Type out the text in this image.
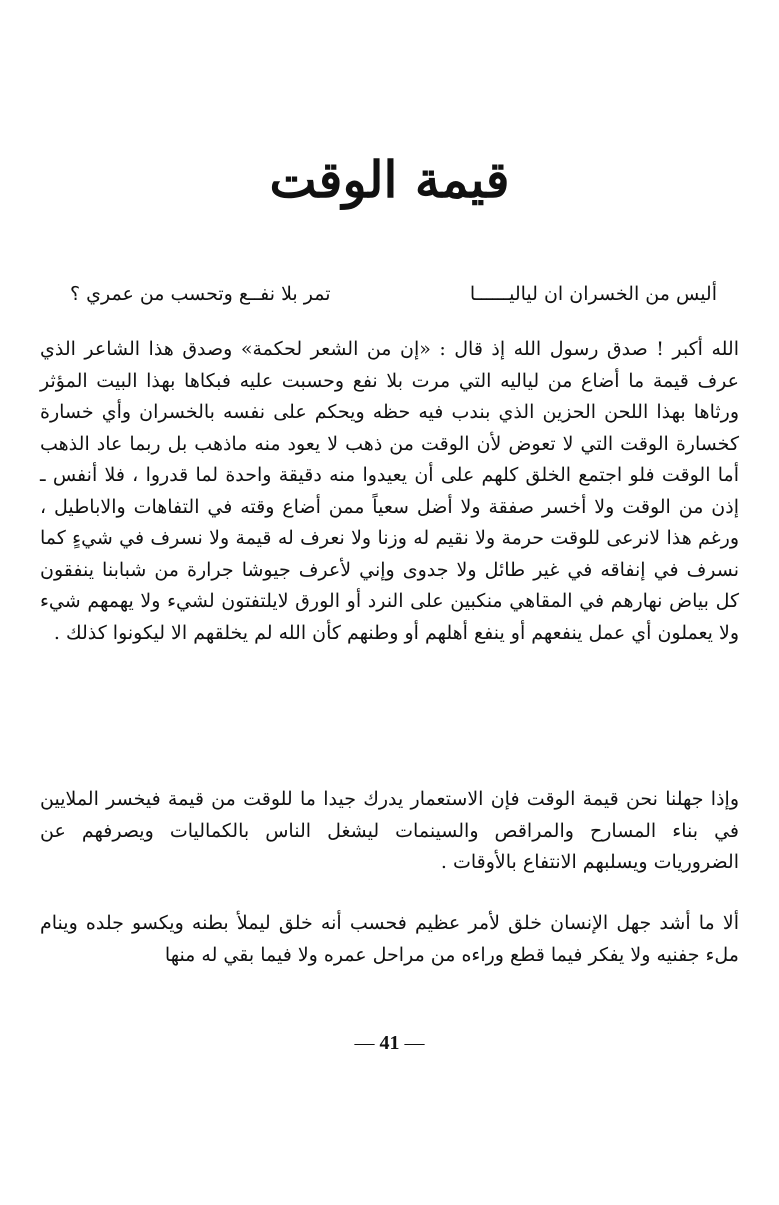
قيمة الوقت
أليس من الخسران ان لياليــــــا
تمر بلا نفــع وتحسب من عمري ؟
الله أكبر ! صدق رسول الله إذ قال : «إن من الشعر لحكمة» وصدق هذا الشاعر الذي عرف قيمة ما أضاع من لياليه التي مرت بلا نفع وحسبت عليه فبكاها بهذا البيت المؤثر ورثاها بهذا اللحن الحزين الذي بندب فيه حظه ويحكم على نفسه بالخسران وأي خسارة كخسارة الوقت التي لا تعوض لأن الوقت من ذهب لا يعود منه ماذهب بل ربما عاد الذهب أما الوقت فلو اجتمع الخلق كلهم على أن يعيدوا منه دقيقة واحدة لما قدروا ، فلا أنفس ـ إذن من الوقت ولا أخسر صفقة ولا أضل سعياً ممن أضاع وقته في التفاهات والاباطيل ، ورغم هذا لانرعى للوقت حرمة ولا نقيم له وزنا ولا نعرف له قيمة ولا نسرف في شيءٍ كما نسرف في إنفاقه في غير طائل ولا جدوى وإني لأعرف جيوشا جرارة من شبابنا ينفقون كل بياض نهارهم في المقاهي منكبين على النرد أو الورق لايلتفتون لشيء ولا يهمهم شيء ولا يعملون أي عمل ينفعهم أو ينفع أهلهم أو وطنهم كأن الله لم يخلقهم الا ليكونوا كذلك .
وإذا جهلنا نحن قيمة الوقت فإن الاستعمار يدرك جيدا ما للوقت من قيمة فيخسر الملايين في بناء المسارح والمراقص والسينمات ليشغل الناس بالكماليات ويصرفهم عن الضروريات ويسلبهم الانتفاع بالأوقات .
ألا ما أشد جهل الإنسان خلق لأمر عظيم فحسب أنه خلق ليملأ بطنه ويكسو جلده وينام ملء جفنيه ولا يفكر فيما قطع وراءه من مراحل عمره ولا فيما بقي له منها
— 41 —
